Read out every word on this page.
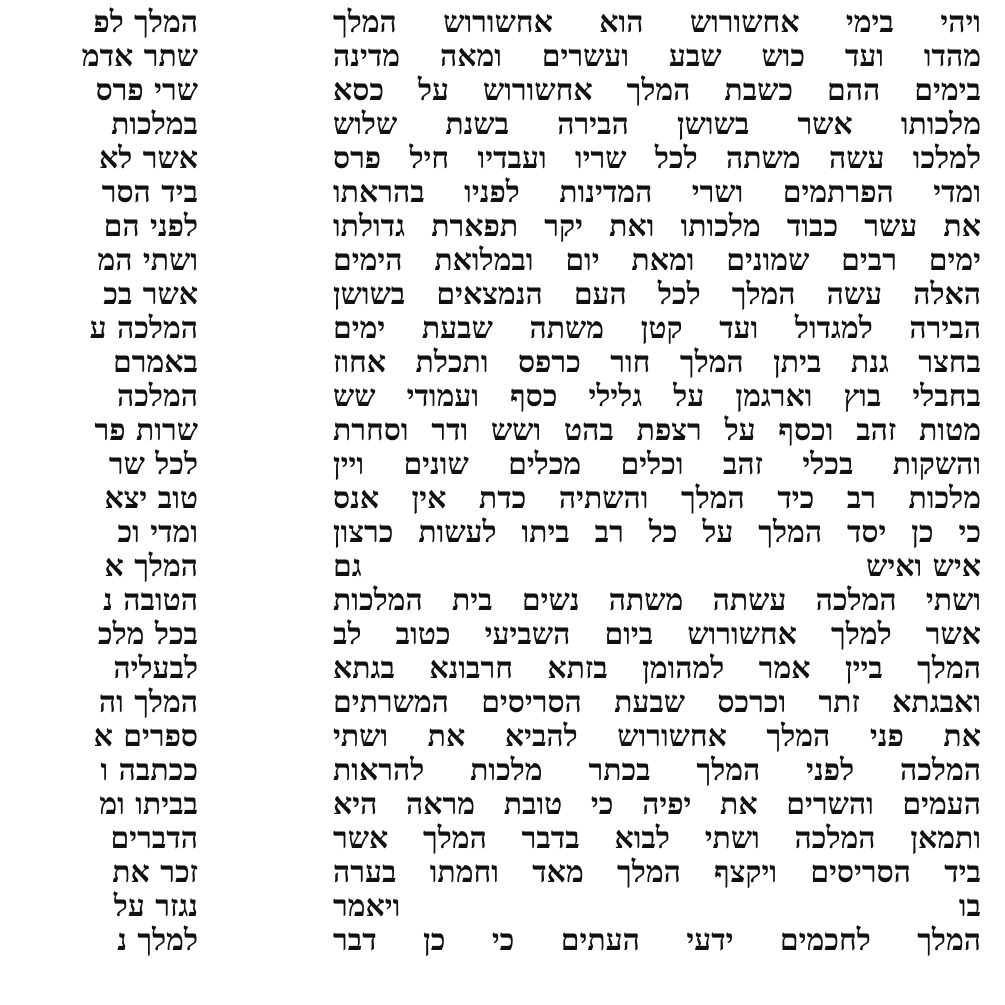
המלך לפ
שתר אדמ
שרי פרס
במלכות
אשר לא
ביד הסר
לפני הם
ושתי המ
אשר בכ
המלכה ע
באמרם
המלכה
שרות פר
לכל שר
טוב יצא
ומדי וכ
המלך א
הטובה נ
בכל מלכ
לבעליה
המלך וה
ספרים א
ככתבה ו
בביתו ומ
הדברים
זכר את
נגזר על
למלך נ
ויהי בימי אחשורוש הוא אחשורוש המלך
מהדו ועד כוש שבע ועשרים ומאה מדינה
בימים ההם כשבת המלך אחשורוש על כסא
מלכותו אשר בשושן הבירה בשנת שלוש
למלכו עשה משתה לכל שריו ועבדיו חיל פרס
ומדי הפרתמים ושרי המדינות לפניו בהראתו
את עשר כבוד מלכותו ואת יקר תפארת גדולתו
ימים רבים שמונים ומאת יום ובמלואת הימים
האלה עשה המלך לכל העם הנמצאים בשושן
הבירה למגדול ועד קטן משתה שבעת ימים
בחצר גנת ביתן המלך חור כרפס ותכלת אחוז
בחבלי בוץ וארגמן על גלילי כסף ועמודי שש
מטות זהב וכסף על רצפת בהט ושש ודר וסחרת
והשקות בכלי זהב וכלים מכלים שונים ויין
מלכות רב כיד המלך והשתיה כדת אין אנס
כי כן יסד המלך על כל רב ביתו לעשות כרצון
איש ואיש
גם
ושתי המלכה עשתה משתה נשים בית המלכות
אשר למלך אחשורוש ביום השביעי כטוב לב
המלך ביין אמר למהומן בזתא חרבונא בגתא
ואבגתא זתר וכרכס שבעת הסריסים המשרתים
את פני המלך אחשורוש להביא את ושתי
המלכה לפני המלך בכתר מלכות להראות
העמים והשרים את יפיה כי טובת מראה היא
ותמאן המלכה ושתי לבוא בדבר המלך אשר
ביד הסריסים ויקצף המלך מאד וחמתו בערה
בו
ויאמר
המלך לחכמים ידעי העתים כי כן דבר
